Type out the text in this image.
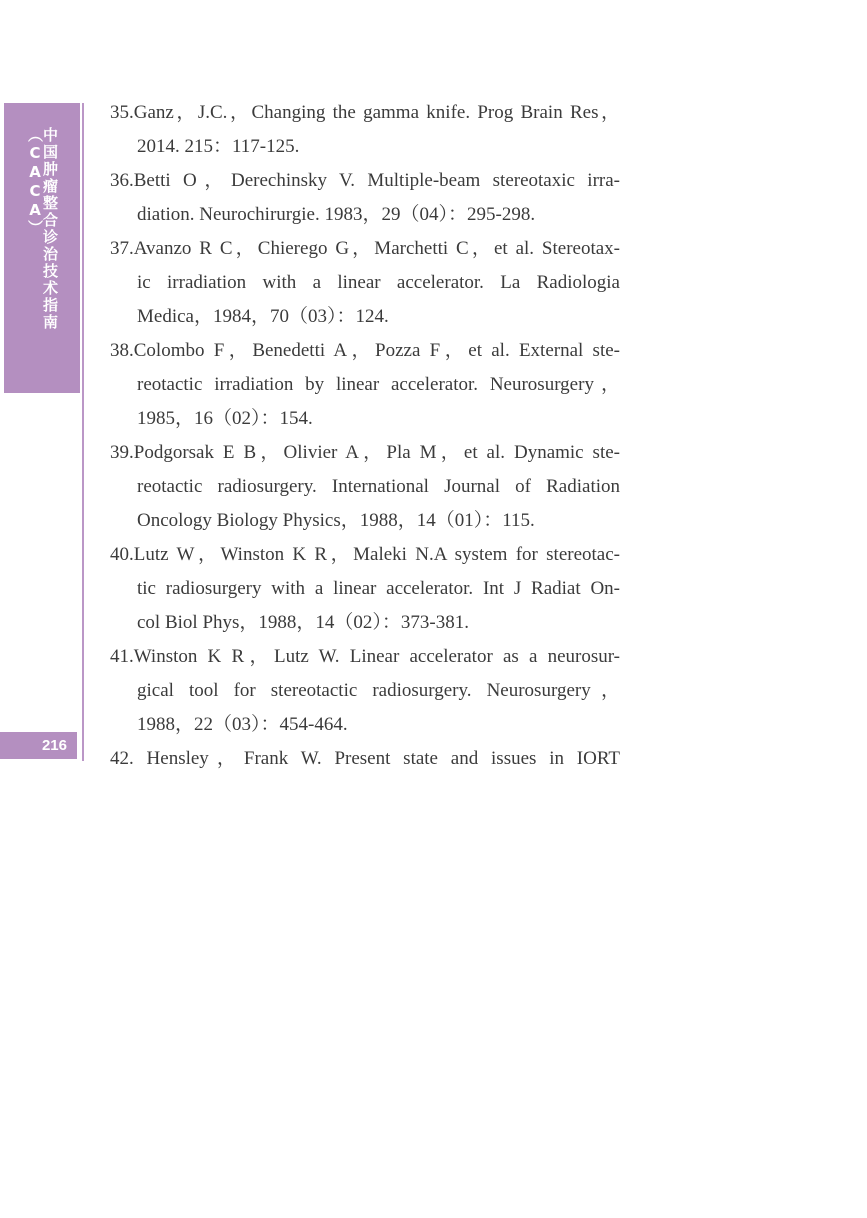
中国肿瘤整合诊治技术指南（CACA）
216
35.Ganz，J.C.，Changing the gamma knife. Prog Brain Res，
2014. 215：117-125.
36.Betti O，Derechinsky V. Multiple-beam stereotaxic irra-
diation. Neurochirurgie. 1983，29（04）：295-298.
37.Avanzo R C，Chierego G，Marchetti C，et al. Stereotax-
ic irradiation with a linear accelerator. La Radiologia
Medica，1984，70（03）：124.
38.Colombo F，Benedetti A，Pozza F，et al. External ste-
reotactic irradiation by linear accelerator. Neurosurgery，
1985，16（02）：154.
39.Podgorsak E B，Olivier A，Pla M，et al. Dynamic ste-
reotactic radiosurgery. International Journal of Radiation
Oncology Biology Physics，1988，14（01）：115.
40.Lutz W，Winston K R，Maleki N.A system for stereotac-
tic radiosurgery with a linear accelerator. Int J Radiat On-
col Biol Phys，1988，14（02）：373-381.
41.Winston K R，Lutz W. Linear accelerator as a neurosur-
gical tool for stereotactic radiosurgery. Neurosurgery，
1988，22（03）：454-464.
42. Hensley，Frank W. Present state and issues in IORT
